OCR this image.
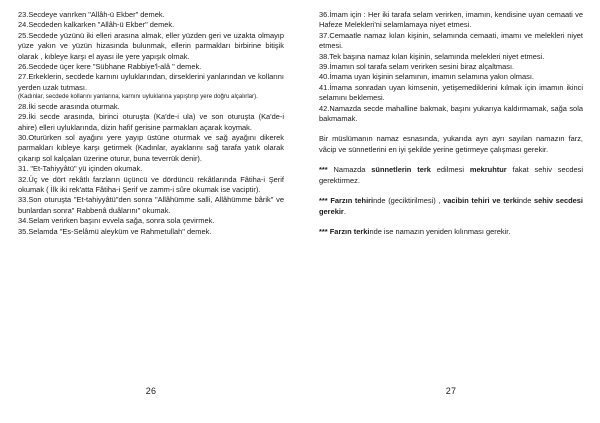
23.Secdeye varırken "Allâh-ü Ekber" demek.

24.Secdeden kalkarken "Allâh-ü Ekber" demek.

25.Secdede yüzünü iki elleri arasına almak, eller yüzden geri ve uzakta olmayıp yüze yakın ve yüzün hizasında bulunmak, ellerin parmakları birbirine bitişik olarak , kıbleye karşı el ayası ile yere yapışık olmak.

26.Secdede üçer kere "Sübhane Rabbiye'l-alâ " demek.

27.Erkeklerin, secdede karnını uyluklarından, dirseklerini yanlarından ve kollarını yerden uzak tutması.

(Kadınlar, secdede kollarını yanlarına, karnını uyluklarına yapıştırıp yere doğru alçalırlar).

28.İki secde arasında oturmak.

29.İki secde arasında, birinci oturuşta (Ka'de-i ula) ve son oturuşta (Ka'de-i ahire) elleri uyluklarında, dizin hafif gerisine parmakları açarak koymak.

30.Oturürken sol ayağını yere yayıp üstüne oturmak ve sağ ayağını dikerek parmakları kıbleye karşı getirmek (Kadınlar, ayaklarını sağ tarafa yatık olarak çıkarıp sol kalçaları üzerine oturur, buna teverrük denir).

31. "Et-Tahiyyâtü" yü içinden okumak.

32.Üç ve dört rekâtlı farzların üçüncü ve dördüncü rekâtlarında Fâtiha-i Şerif okumak ( İlk iki rek'atta Fâtiha-i Şerif ve zamm-i sûre okumak ise vaciptir).

33.Son oturuşta "Et-tahiyyâtü"den sonra "Allâhümme salli, Allâhümme bârik" ve bunlardan sonra" Rabbenâ duâlarını" okumak.

34.Selam verirken başını evvela sağa, sonra sola çevirmek.

35.Selamda "Es-Selâmü aleyküm ve Rahmetullah" demek.

26

36.İmam için : Her iki tarafa selam verirken, imamın, kendisine uyan cemaati ve Hafeze Melekleri'ni selamlamaya niyet etmesi.

37.Cemaatle namaz kılan kişinin, selamında cemaati, imamı ve melekleri niyet etmesi.

38.Tek başına namaz kılan kişinin, selamında melekleri niyet etmesi.

39.İmamın sol tarafa selam verirken sesini biraz alçaltması.

40.İmama uyan kişinin selamının, imamın selamına yakın olması.

41.İmama sonradan uyan kimsenin, yetişemediklerini kılmak için imamın ikinci selamını beklemesi.

42.Namazda secde mahalline bakmak, başını yukarıya kaldırmamak, sağa sola bakmamak.

Bir müslümanın namaz esnasında, yukarıda ayrı ayrı sayılan namazın farz, vâcip ve sünnetlerini en iyi şekilde yerine getirmeye çalışması gerekir.

*** Namazda sünnetlerin terk edilmesi mekruhtur fakat sehiv secdesi gerektirmez.

*** Farzın tehirinde (geciktirilmesi) , vacibin tehiri ve terkinde sehiv secdesi gerekir.

*** Farzın terkinde ise namazın yeniden kılınması gerekir.

27
